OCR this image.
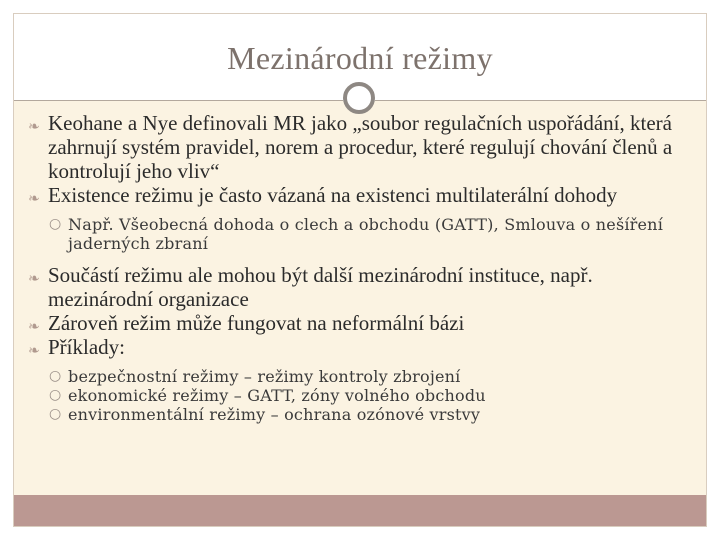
Mezinárodní režimy
❧ Keohane a Nye definovali MR jako „soubor regulačních uspořádání, která zahrnují systém pravidel, norem a procedur, které regulují chování členů a kontrolují jeho vliv“
❧ Existence režimu je často vázaná na existenci multilaterální dohody
○ Např. Všeobecná dohoda o clech a obchodu (GATT), Smlouva o nešíření jaderných zbraní
❧ Součástí režimu ale mohou být další mezinárodní instituce, např. mezinárodní organizace
❧ Zároveň režim může fungovat na neformální bázi
❧ Příklady:
○ bezpečnostní režimy – režimy kontroly zbrojení
○ ekonomické režimy – GATT, zóny volného obchodu
○ environmentální režimy – ochrana ozónové vrstvy
